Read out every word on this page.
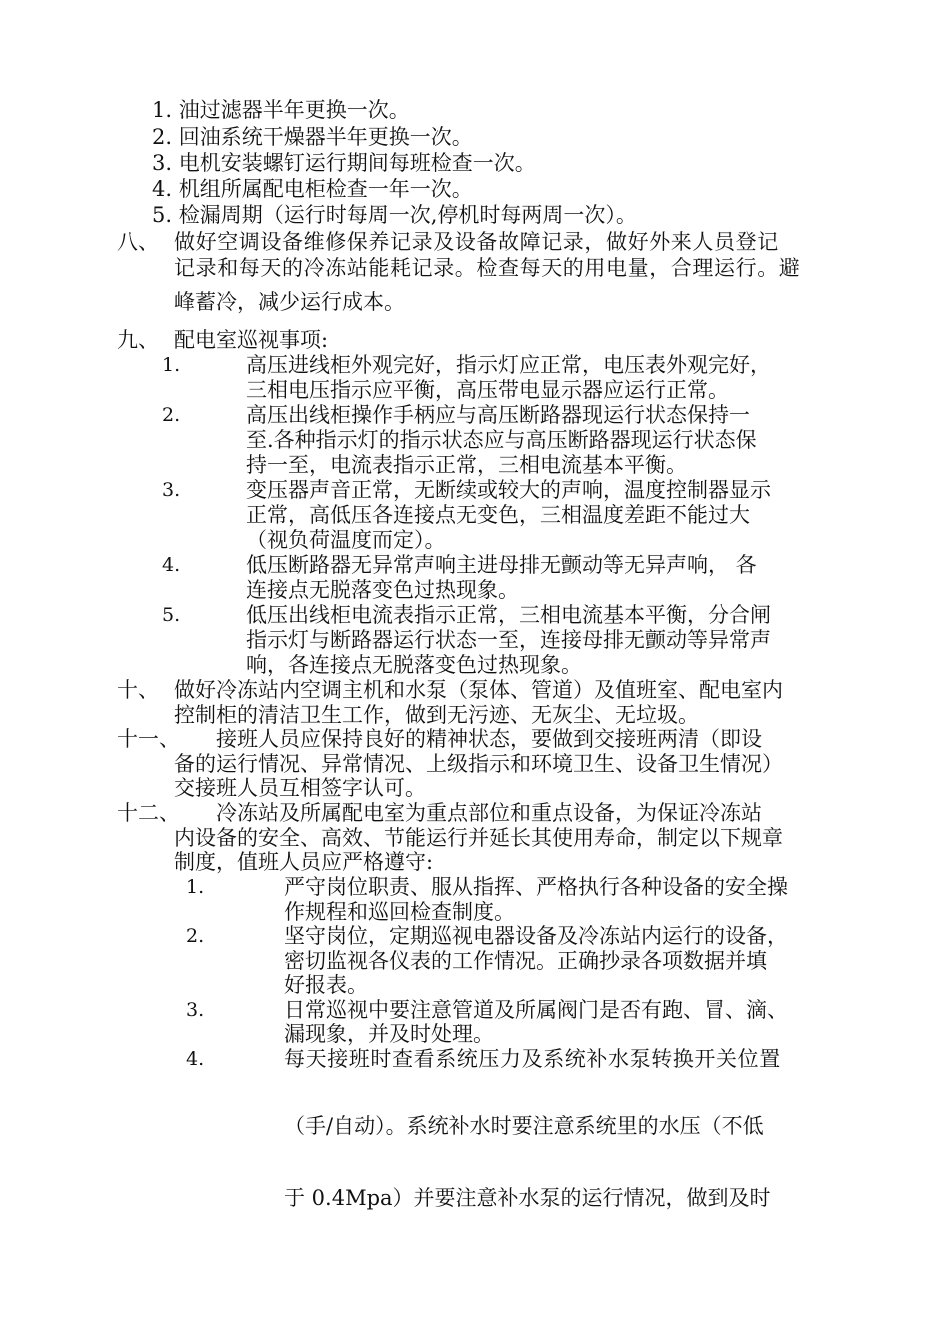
1. 油过滤器半年更换一次。
2. 回油系统干燥器半年更换一次。
3. 电机安装螺钉运行期间每班检查一次。
4. 机组所属配电柜检查一年一次。
5. 检漏周期（运行时每周一次,停机时每两周一次）。
八、 做好空调设备维修保养记录及设备故障记录，做好外来人员登记
记录和每天的冷冻站能耗记录。检查每天的用电量，合理运行。避
峰蓄冷，减少运行成本。
九、 配电室巡视事项:
1.	高压进线柜外观完好，指示灯应正常，电压表外观完好，
三相电压指示应平衡，高压带电显示器应运行正常。
2.	高压出线柜操作手柄应与高压断路器现运行状态保持一
至.各种指示灯的指示状态应与高压断路器现运行状态保
持一至，电流表指示正常，三相电流基本平衡。
3.	变压器声音正常，无断续或较大的声响，温度控制器显示
正常，高低压各连接点无变色，三相温度差距不能过大
（视负荷温度而定）。
4.	低压断路器无异常声响主进母排无颤动等无异声响， 各
连接点无脱落变色过热现象。
5.	低压出线柜电流表指示正常，三相电流基本平衡，分合闸
指示灯与断路器运行状态一至，连接母排无颤动等异常声
响，各连接点无脱落变色过热现象。
十、 做好冷冻站内空调主机和水泵（泵体、管道）及值班室、配电室内
控制柜的清洁卫生工作，做到无污迹、无灰尘、无垃圾。
十一、 接班人员应保持良好的精神状态，要做到交接班两清（即设
备的运行情况、异常情况、上级指示和环境卫生、设备卫生情况）
交接班人员互相签字认可。
十二、 冷冻站及所属配电室为重点部位和重点设备，为保证冷冻站
内设备的安全、高效、节能运行并延长其使用寿命，制定以下规章
制度，值班人员应严格遵守:
1.	严守岗位职责、服从指挥、严格执行各种设备的安全操
作规程和巡回检查制度。
2.	坚守岗位，定期巡视电器设备及冷冻站内运行的设备，
密切监视各仪表的工作情况。正确抄录各项数据并填
好报表。
3.	日常巡视中要注意管道及所属阀门是否有跑、冒、滴、
漏现象，并及时处理。
4.	每天接班时查看系统压力及系统补水泵转换开关位置
（手/自动）。系统补水时要注意系统里的水压（不低
于 0.4Mpa）并要注意补水泵的运行情况，做到及时
